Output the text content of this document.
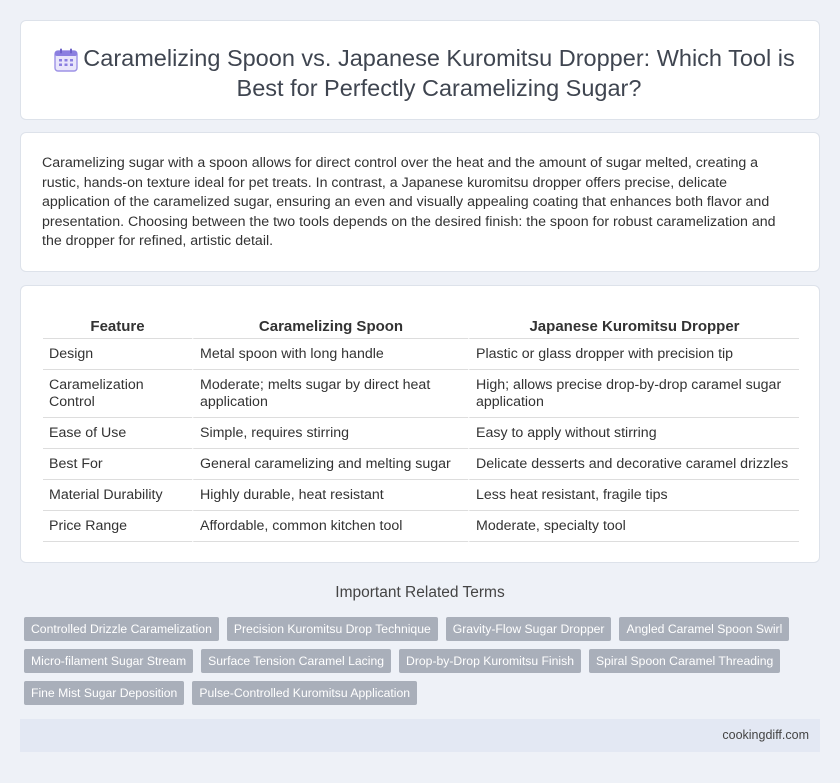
Caramelizing Spoon vs. Japanese Kuromitsu Dropper: Which Tool is Best for Perfectly Caramelizing Sugar?

Caramelizing sugar with a spoon allows for direct control over the heat and the amount of sugar melted, creating a rustic, hands-on texture ideal for pet treats. In contrast, a Japanese kuromitsu dropper offers precise, delicate application of the caramelized sugar, ensuring an even and visually appealing coating that enhances both flavor and presentation. Choosing between the two tools depends on the desired finish: the spoon for robust caramelization and the dropper for refined, artistic detail.

Feature	Caramelizing Spoon	Japanese Kuromitsu Dropper
Design	Metal spoon with long handle	Plastic or glass dropper with precision tip
Caramelization Control	Moderate; melts sugar by direct heat application	High; allows precise drop-by-drop caramel sugar application
Ease of Use	Simple, requires stirring	Easy to apply without stirring
Best For	General caramelizing and melting sugar	Delicate desserts and decorative caramel drizzles
Material Durability	Highly durable, heat resistant	Less heat resistant, fragile tips
Price Range	Affordable, common kitchen tool	Moderate, specialty tool
Important Related Terms
Controlled Drizzle Caramelization	Precision Kuromitsu Drop Technique	Gravity-Flow Sugar Dropper	Angled Caramel Spoon Swirl
Micro-filament Sugar Stream	Surface Tension Caramel Lacing	Drop-by-Drop Kuromitsu Finish	Spiral Spoon Caramel Threading
Fine Mist Sugar Deposition	Pulse-Controlled Kuromitsu Application
cookingdiff.com
